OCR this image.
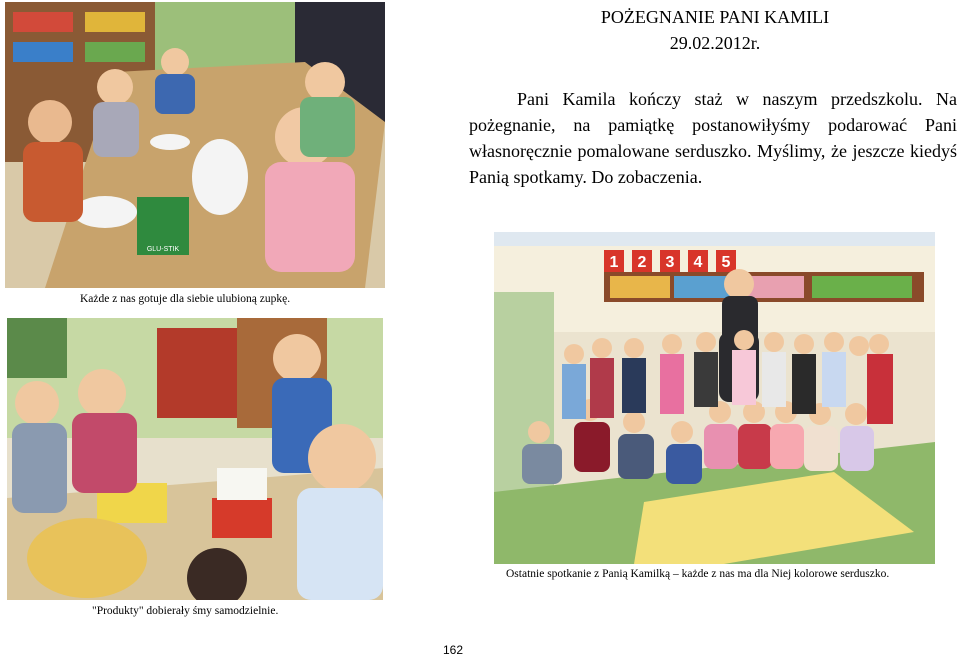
GLU-STIK
Każde z nas gotuje dla siebie ulubioną zupkę.
"Produkty" dobierały śmy samodzielnie.
1 2 3 4 5
Ostatnie spotkanie z Panią Kamilką – każde z nas ma dla Niej kolorowe serduszko.
POŻEGNANIE PANI KAMILI
29.02.2012r.

Pani Kamila kończy staż w naszym przedszkolu. Na pożegnanie, na pamiątkę postanowiłyśmy podarować Pani własnoręcznie pomalowane serduszko. Myślimy, że jeszcze kiedyś Panią spotkamy. Do zobaczenia.

162
